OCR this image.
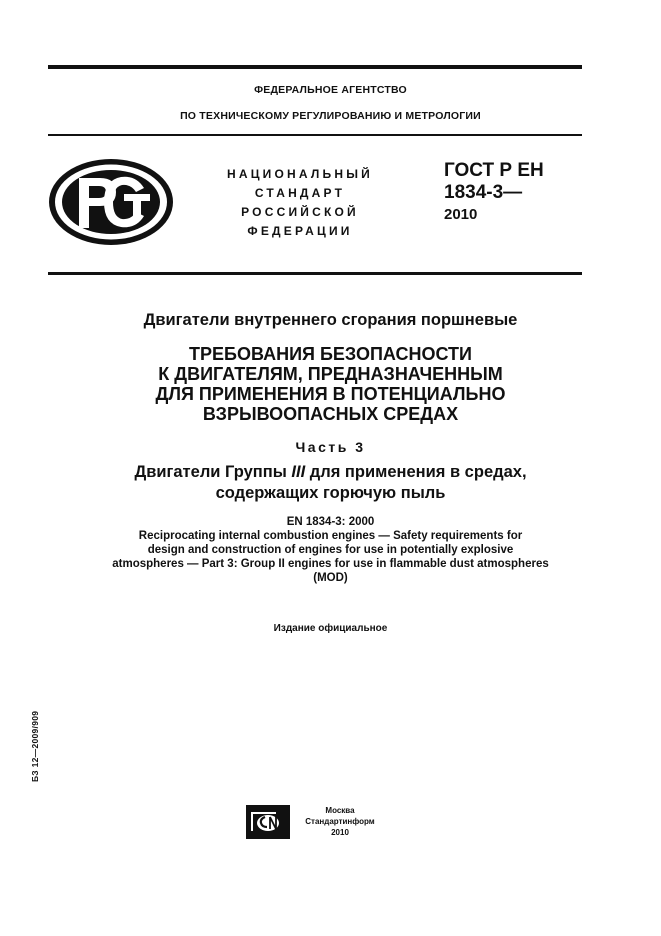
ФЕДЕРАЛЬНОЕ АГЕНТСТВО
ПО ТЕХНИЧЕСКОМУ РЕГУЛИРОВАНИЮ И МЕТРОЛОГИИ
НАЦИОНАЛЬНЫЙ
СТАНДАРТ
РОССИЙСКОЙ
ФЕДЕРАЦИИ
ГОСТ Р ЕН
1834-3—
2010
Двигатели внутреннего сгорания поршневые
ТРЕБОВАНИЯ БЕЗОПАСНОСТИ
К ДВИГАТЕЛЯМ, ПРЕДНАЗНАЧЕННЫМ
ДЛЯ ПРИМЕНЕНИЯ В ПОТЕНЦИАЛЬНО
ВЗРЫВООПАСНЫХ СРЕДАХ
Часть 3
Двигатели Группы III для применения в средах,
содержащих горючую пыль
EN 1834-3: 2000
Reciprocating internal combustion engines — Safety requirements for
design and construction of engines for use in potentially explosive
atmospheres — Part 3: Group II engines for use in flammable dust atmospheres
(MOD)
Издание официальное
БЗ 12—2009/909
Москва
Стандартинформ
2010
